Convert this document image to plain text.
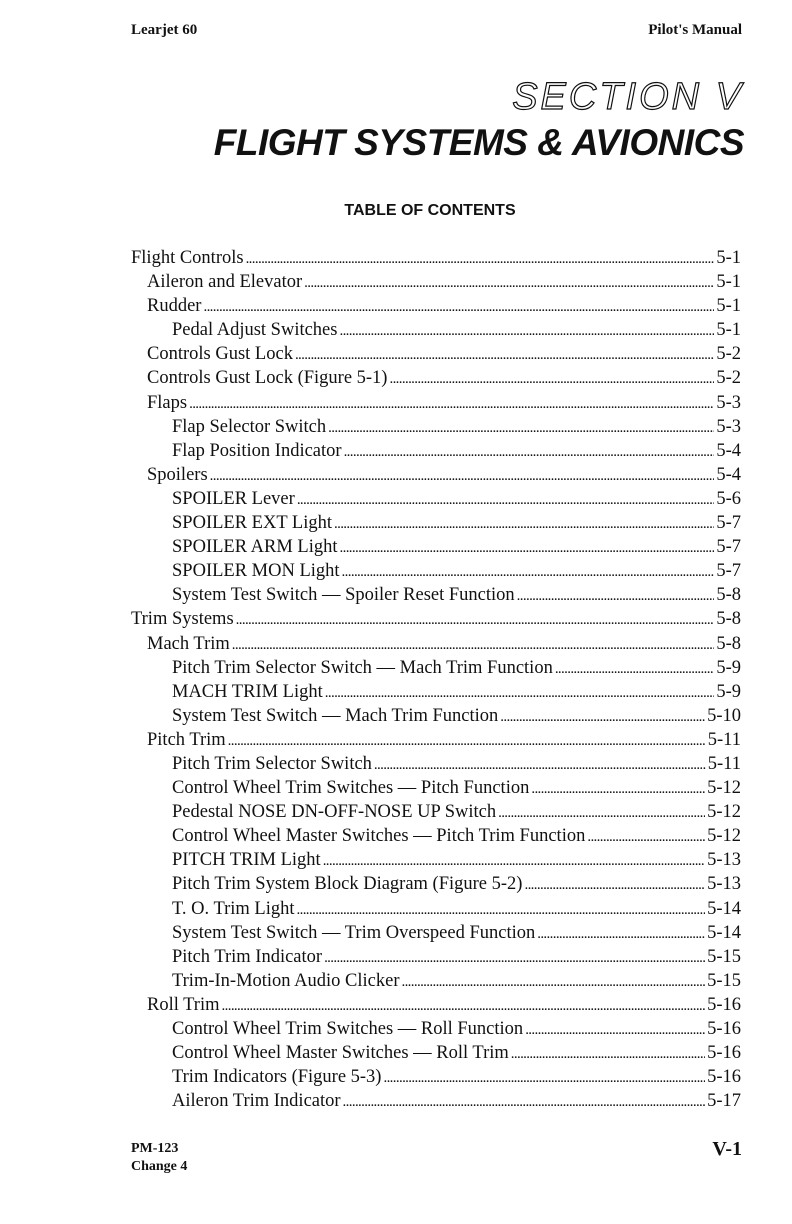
Learjet 60	Pilot's Manual
SECTION V
FLIGHT SYSTEMS & AVIONICS
TABLE OF CONTENTS
Flight Controls . . .	5-1
Aileron and Elevator . . .	5-1
Rudder . . .	5-1
Pedal Adjust Switches . . .	5-1
Controls Gust Lock . . .	5-2
Controls Gust Lock (Figure 5-1) . . .	5-2
Flaps . . .	5-3
Flap Selector Switch . . .	5-3
Flap Position Indicator . . .	5-4
Spoilers . . .	5-4
SPOILER Lever . . .	5-6
SPOILER EXT Light . . .	5-7
SPOILER ARM Light . . .	5-7
SPOILER MON Light . . .	5-7
System Test Switch — Spoiler Reset Function . . .	5-8
Trim Systems . . .	5-8
Mach Trim . . .	5-8
Pitch Trim Selector Switch — Mach Trim Function . . .	5-9
MACH TRIM Light . . .	5-9
System Test Switch — Mach Trim Function . . .	5-10
Pitch Trim . . .	5-11
Pitch Trim Selector Switch . . .	5-11
Control Wheel Trim Switches — Pitch Function . . .	5-12
Pedestal NOSE DN-OFF-NOSE UP Switch . . .	5-12
Control Wheel Master Switches — Pitch Trim Function . . .	5-12
PITCH TRIM Light . . .	5-13
Pitch Trim System Block Diagram (Figure 5-2) . . .	5-13
T. O. Trim Light . . .	5-14
System Test Switch — Trim Overspeed Function . . .	5-14
Pitch Trim Indicator . . .	5-15
Trim-In-Motion Audio Clicker . . .	5-15
Roll Trim . . .	5-16
Control Wheel Trim Switches — Roll Function . . .	5-16
Control Wheel Master Switches — Roll Trim . . .	5-16
Trim Indicators (Figure 5-3) . . .	5-16
Aileron Trim Indicator . . .	5-17
PM-123
Change 4
V-1
